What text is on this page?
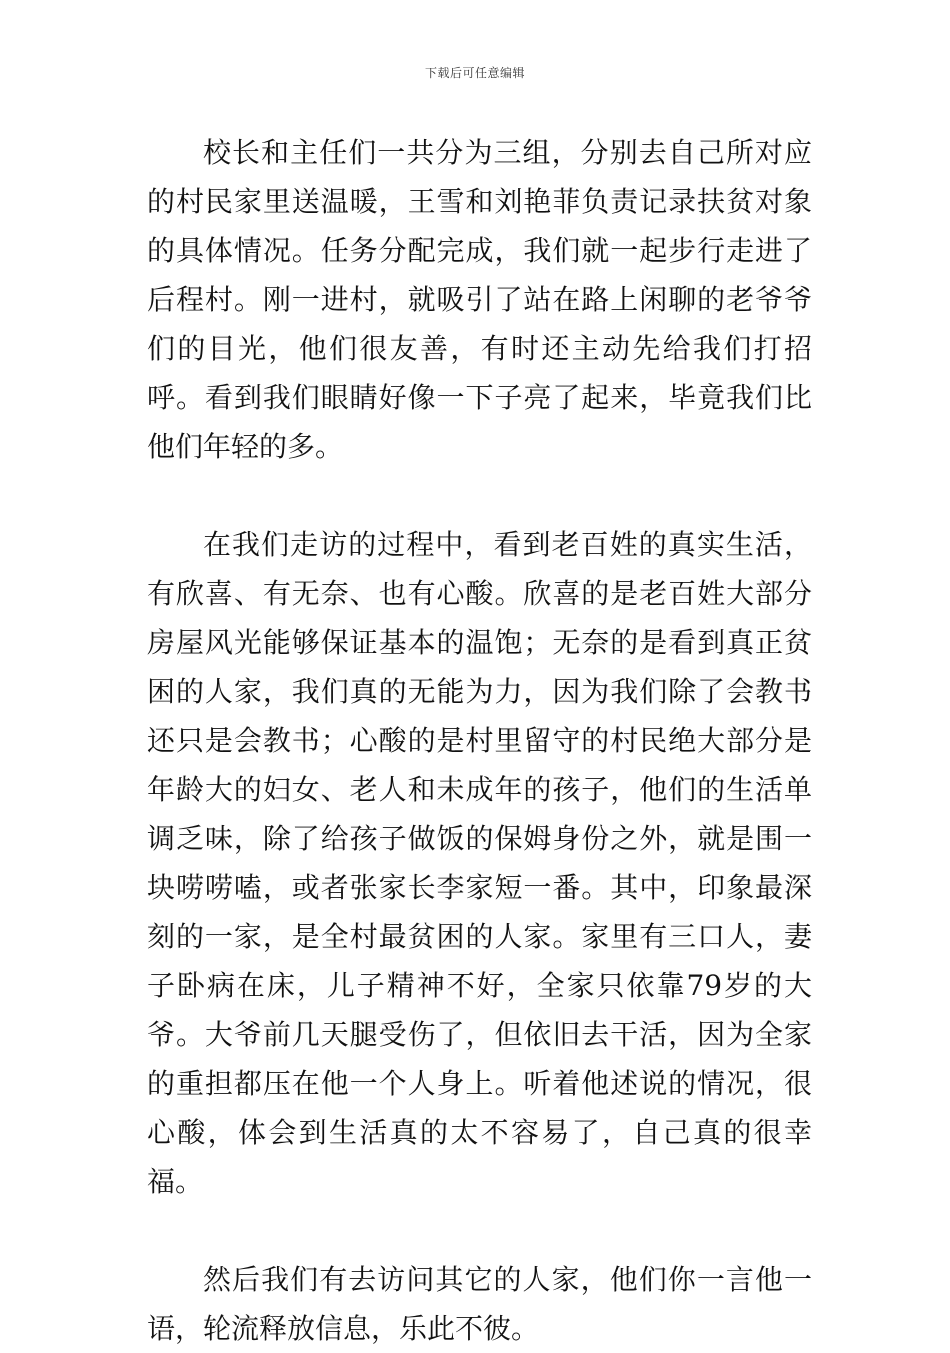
下载后可任意编辑

校长和主任们一共分为三组，分别去自己所对应的村民家里送温暖，王雪和刘艳菲负责记录扶贫对象的具体情况。任务分配完成，我们就一起步行走进了后程村。刚一进村，就吸引了站在路上闲聊的老爷爷们的目光，他们很友善，有时还主动先给我们打招呼。看到我们眼睛好像一下子亮了起来，毕竟我们比他们年轻的多。

在我们走访的过程中，看到老百姓的真实生活，有欣喜、有无奈、也有心酸。欣喜的是老百姓大部分房屋风光能够保证基本的温饱；无奈的是看到真正贫困的人家，我们真的无能为力，因为我们除了会教书还只是会教书；心酸的是村里留守的村民绝大部分是年龄大的妇女、老人和未成年的孩子，他们的生活单调乏味，除了给孩子做饭的保姆身份之外，就是围一块唠唠嗑，或者张家长李家短一番。其中，印象最深刻的一家，是全村最贫困的人家。家里有三口人，妻子卧病在床，儿子精神不好，全家只依靠79岁的大爷。大爷前几天腿受伤了，但依旧去干活，因为全家的重担都压在他一个人身上。听着他述说的情况，很心酸，体会到生活真的太不容易了，自己真的很幸福。

然后我们有去访问其它的人家，他们你一言他一语，轮流释放信息，乐此不彼。
